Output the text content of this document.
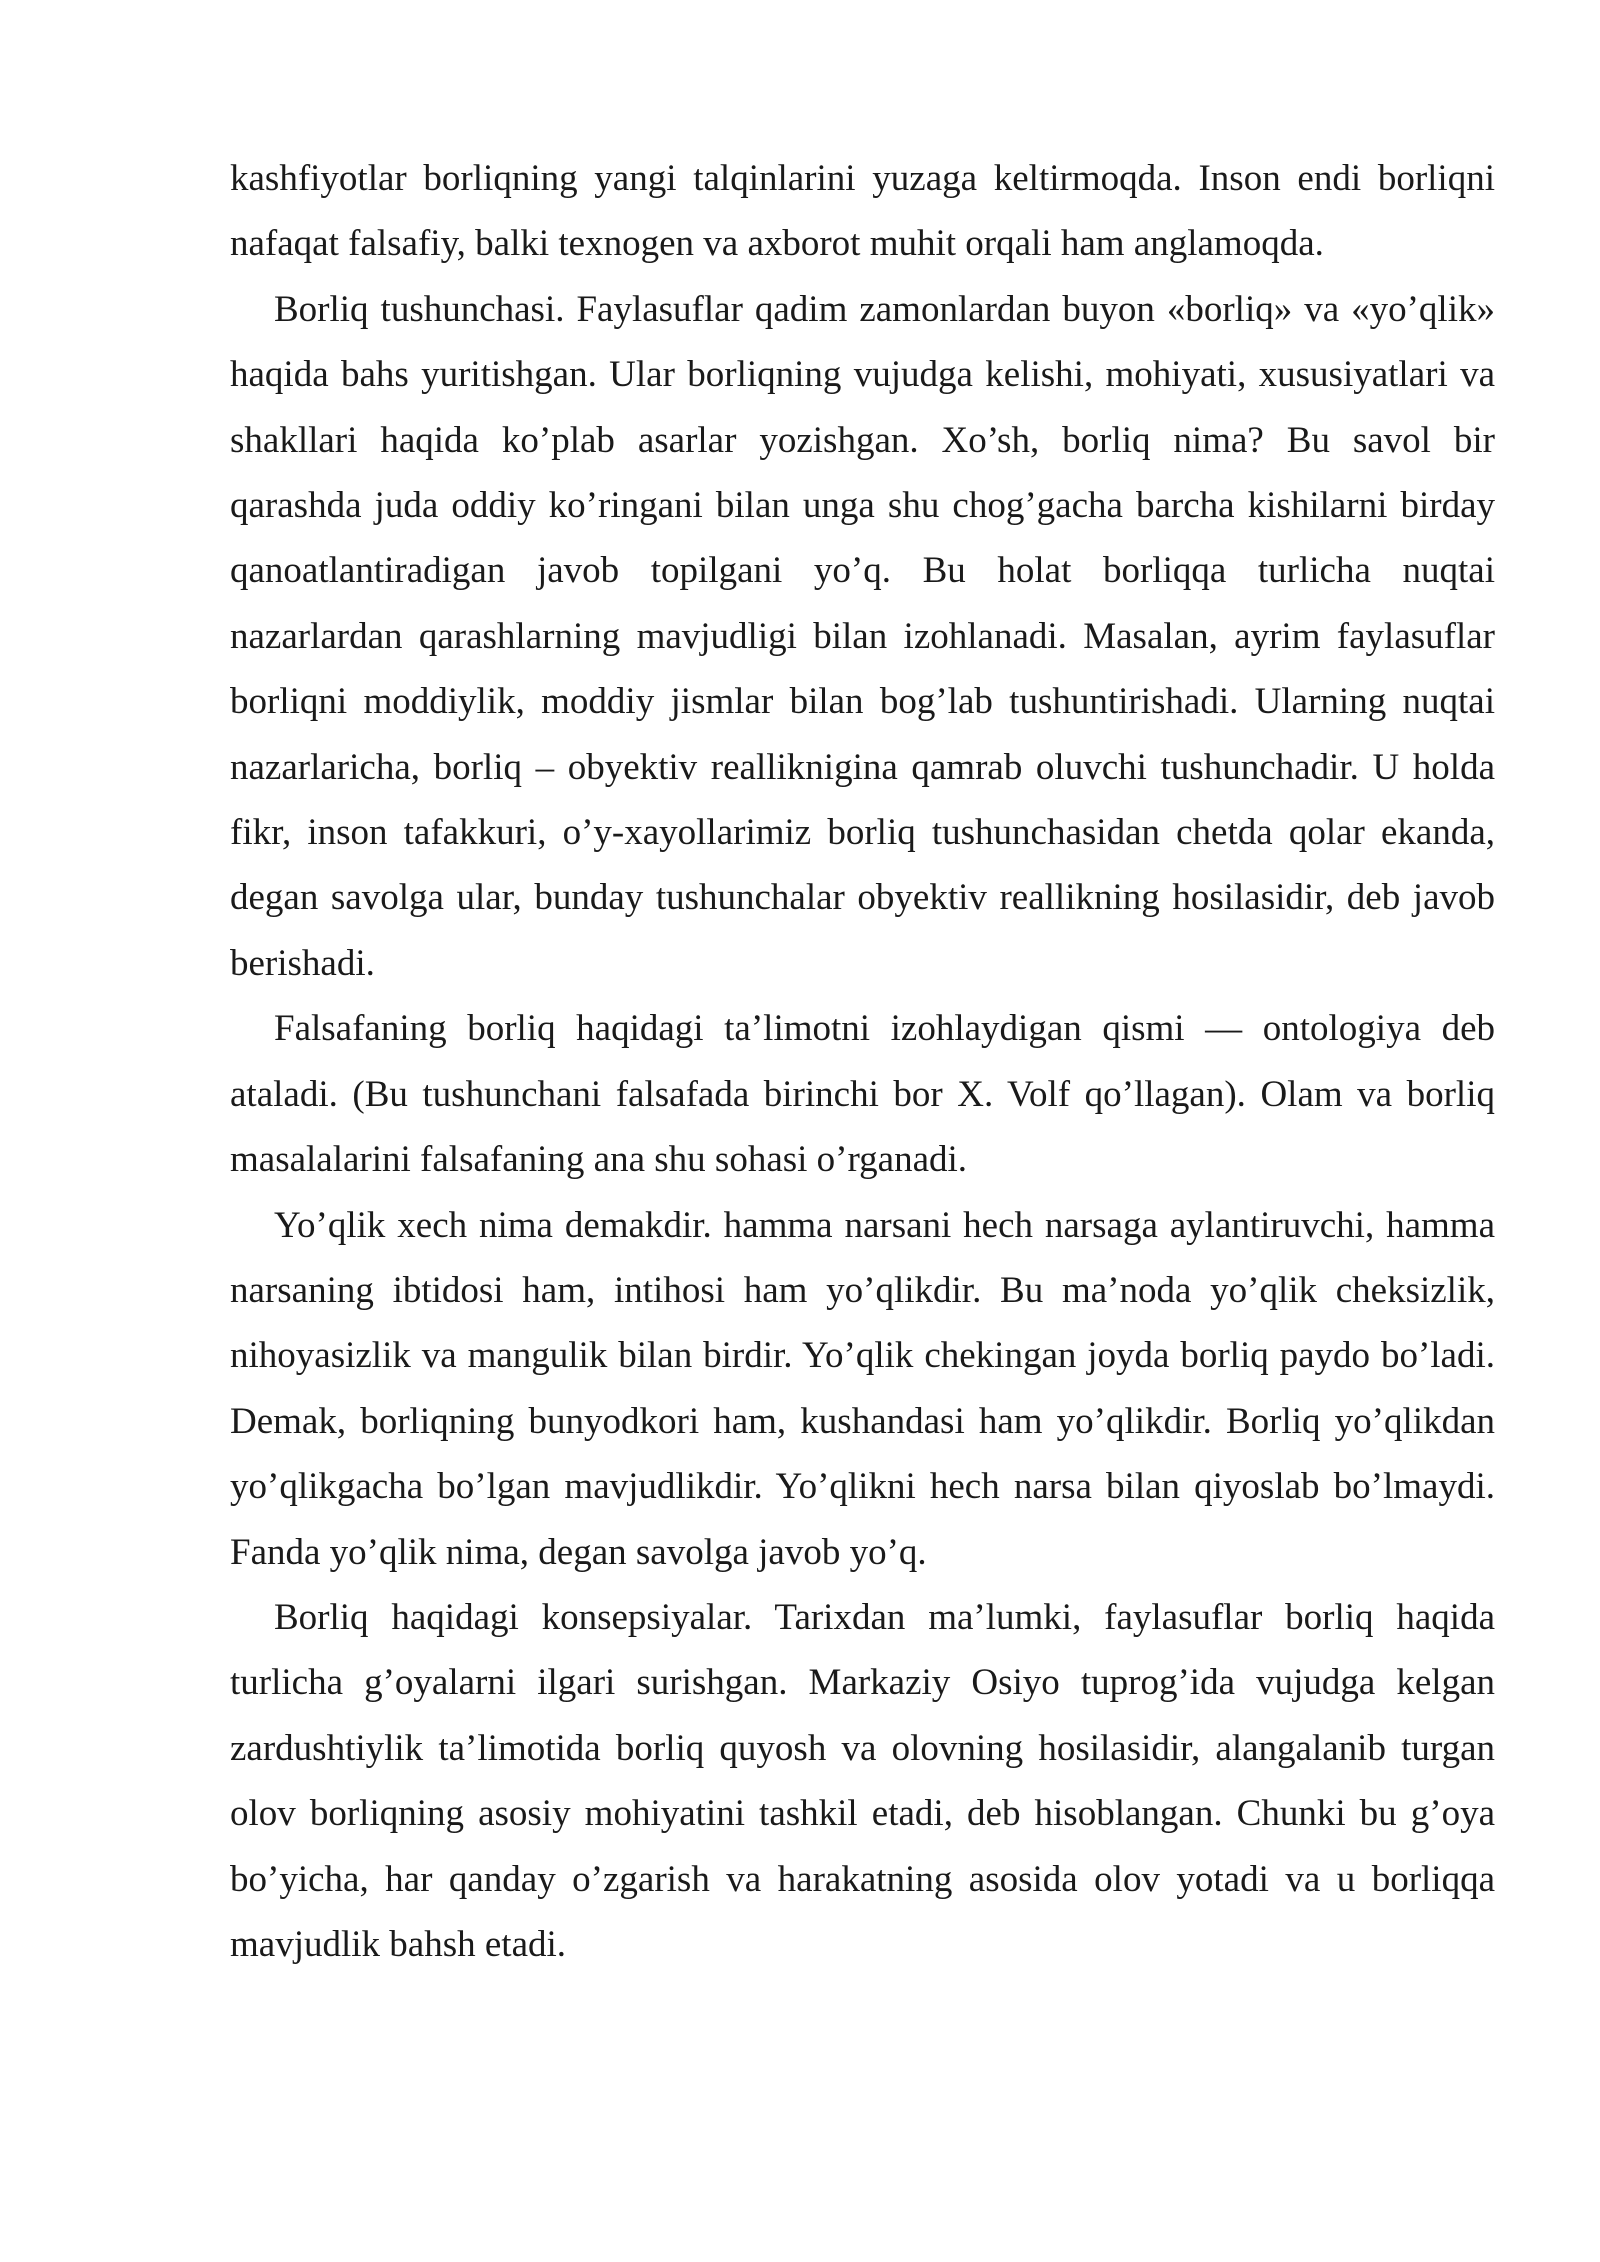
kashfiyotlar borliqning yangi talqinlarini yuzaga keltirmoqda. Inson endi borliqni nafaqat falsafiy, balki texnogen va axborot muhit orqali ham anglamoqda.

Borliq tushunchasi. Faylasuflar qadim zamonlardan buyon «borliq» va «yo’qlik» haqida bahs yuritishgan. Ular borliqning vujudga kelishi, mohiyati, xususiyatlari va shakllari haqida ko’plab asarlar yozishgan. Xo’sh, borliq nima? Bu savol bir qarashda juda oddiy ko’ringani bilan unga shu chog’gacha barcha kishilarni birday qanoatlantiradigan javob topilgani yo’q. Bu holat borliqqa turlicha nuqtai nazarlardan qarashlarning mavjudligi bilan izohlanadi. Masalan, ayrim faylasuflar borliqni moddiylik, moddiy jismlar bilan bog’lab tushuntirishadi. Ularning nuqtai nazarlaricha, borliq – obyektiv reallikniginа qamrab oluvchi tushunchadir. U holda fikr, inson tafakkuri, o’y-xayollarimiz borliq tushunchasidan chetda qolar ekanda, degan savolga ular, bunday tushunchalar obyektiv reallikning hosilasidir, deb javob berishadi.

Falsafaning borliq haqidagi ta’limotni izohlaydigan qismi — ontologiya deb ataladi. (Bu tushunchani falsafada birinchi bor X. Volf qo’llagan). Olam va borliq masalalarini falsafaning ana shu sohasi o’rganadi.

Yo’qlik xech nima demakdir. hamma narsani hech narsaga aylantiruvchi, hamma narsaning ibtidosi ham, intihosi ham yo’qlikdir. Bu ma’noda yo’qlik cheksizlik, nihoyasizlik va mangulik bilan birdir. Yo’qlik chekingan joyda borliq paydo bo’ladi. Demak, borliqning bunyodkori ham, kushandasi ham yo’qlikdir. Borliq yo’qlikdan yo’qlikgacha bo’lgan mavjudlikdir. Yo’qlikni hech narsa bilan qiyoslab bo’lmaydi. Fanda yo’qlik nima, degan savolga javob yo’q.

Borliq haqidagi konsepsiyalar. Tarixdan ma’lumki, faylasuflar borliq haqida turlicha g’oyalarni ilgari surishgan. Markaziy Osiyo tuprog’ida vujudga kelgan zardushtiylik ta’limotida borliq quyosh va olovning hosilasidir, alangalanib turgan olov borliqning asosiy mohiyatini tashkil etadi, deb hisoblangan. Chunki bu g’oya bo’yicha, har qanday o’zgarish va harakatning asosida olov yotadi va u borliqqa mavjudlik bahsh etadi.
